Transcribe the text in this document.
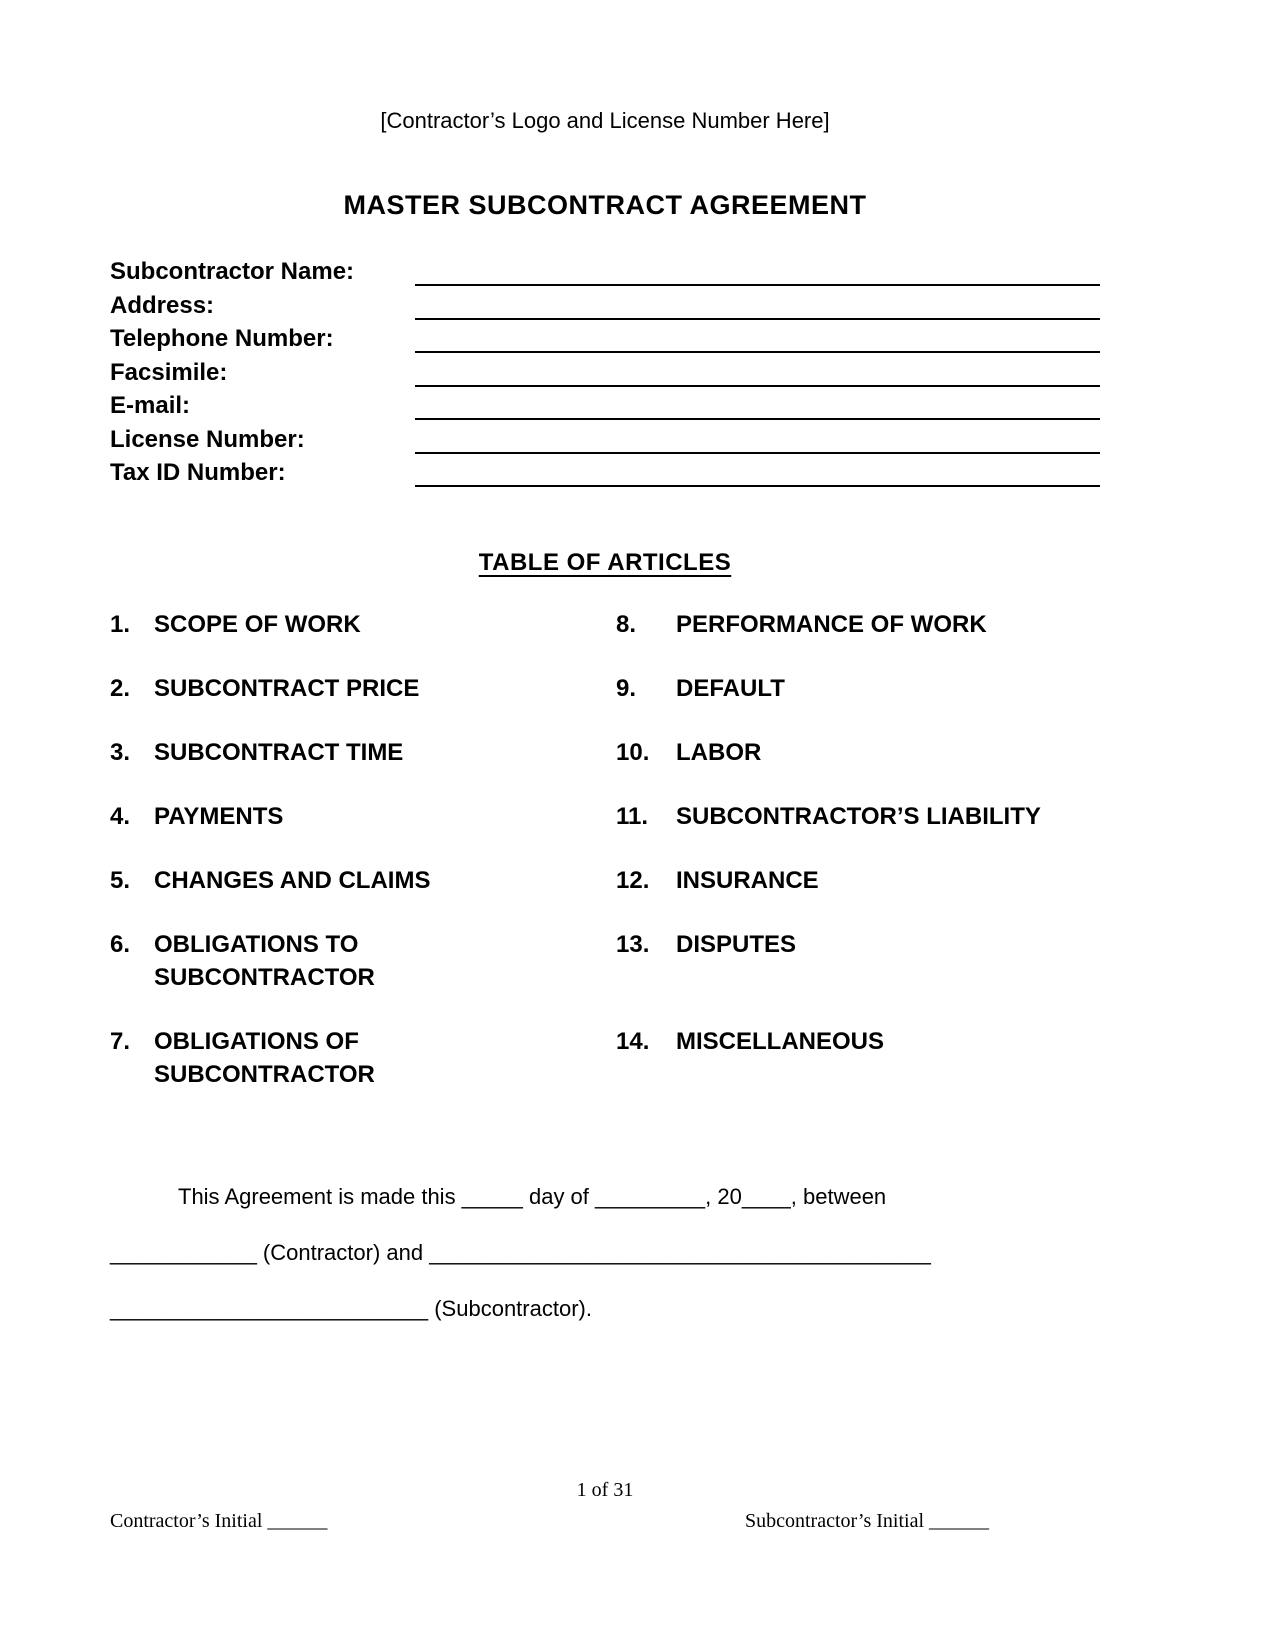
[Contractor’s Logo and License Number Here]
MASTER SUBCONTRACT AGREEMENT
Subcontractor Name:
Address:
Telephone Number:
Facsimile:
E-mail:
License Number:
Tax ID Number:
TABLE OF ARTICLES
1. SCOPE OF WORK
2. SUBCONTRACT PRICE
3. SUBCONTRACT TIME
4. PAYMENTS
5. CHANGES AND CLAIMS
6. OBLIGATIONS TO
SUBCONTRACTOR
7. OBLIGATIONS OF
SUBCONTRACTOR
8.	PERFORMANCE OF WORK
9.	DEFAULT
10.	LABOR
11.	SUBCONTRACTOR’S LIABILITY
12.	INSURANCE
13.	DISPUTES
14.	MISCELLANEOUS
This Agreement is made this _____ day of _________, 20____, between
____________ (Contractor) and _________________________________________
__________________________ (Subcontractor).
1 of 31
Contractor’s Initial ______	Subcontractor’s Initial ______
